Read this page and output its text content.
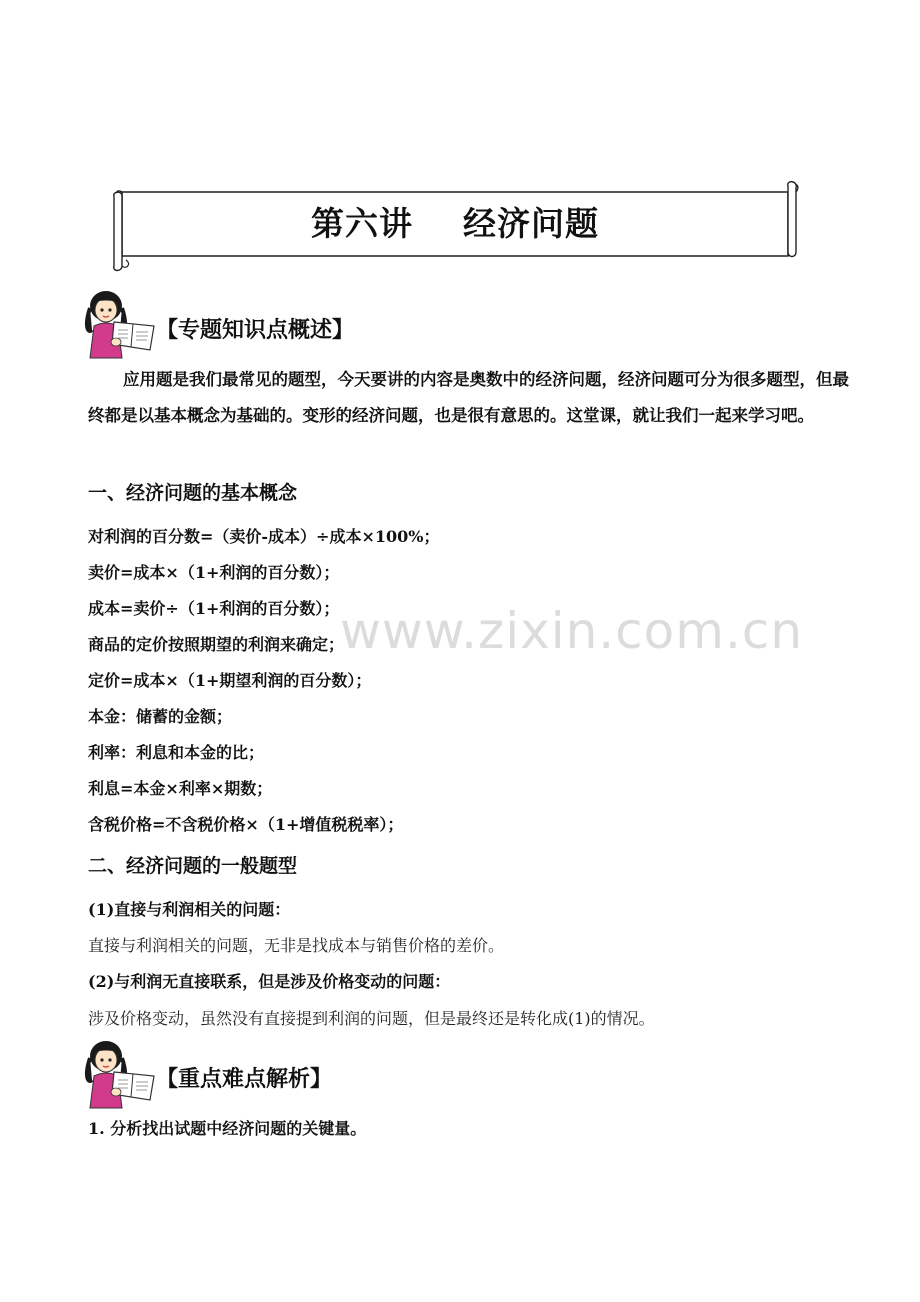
第六讲    经济问题
【专题知识点概述】

应用题是我们最常见的题型，今天要讲的内容是奥数中的经济问题，经济问题可分为很多题型，但最终都是以基本概念为基础的。变形的经济问题，也是很有意思的。这堂课，就让我们一起来学习吧。

一、经济问题的基本概念
对利润的百分数=（卖价-成本）÷成本×100%；
卖价=成本×（1+利润的百分数）；
成本=卖价÷（1+利润的百分数）；
商品的定价按照期望的利润来确定；
定价=成本×（1+期望利润的百分数）；
本金：储蓄的金额；
利率：利息和本金的比；
利息=本金×利率×期数；
含税价格=不含税价格×（1+增值税税率）；
www.zixin.com.cn
二、经济问题的一般题型
(1)直接与利润相关的问题：
直接与利润相关的问题，无非是找成本与销售价格的差价。
(2)与利润无直接联系，但是涉及价格变动的问题：
涉及价格变动，虽然没有直接提到利润的问题，但是最终还是转化成(1)的情况。
【重点难点解析】
1. 分析找出试题中经济问题的关键量。
